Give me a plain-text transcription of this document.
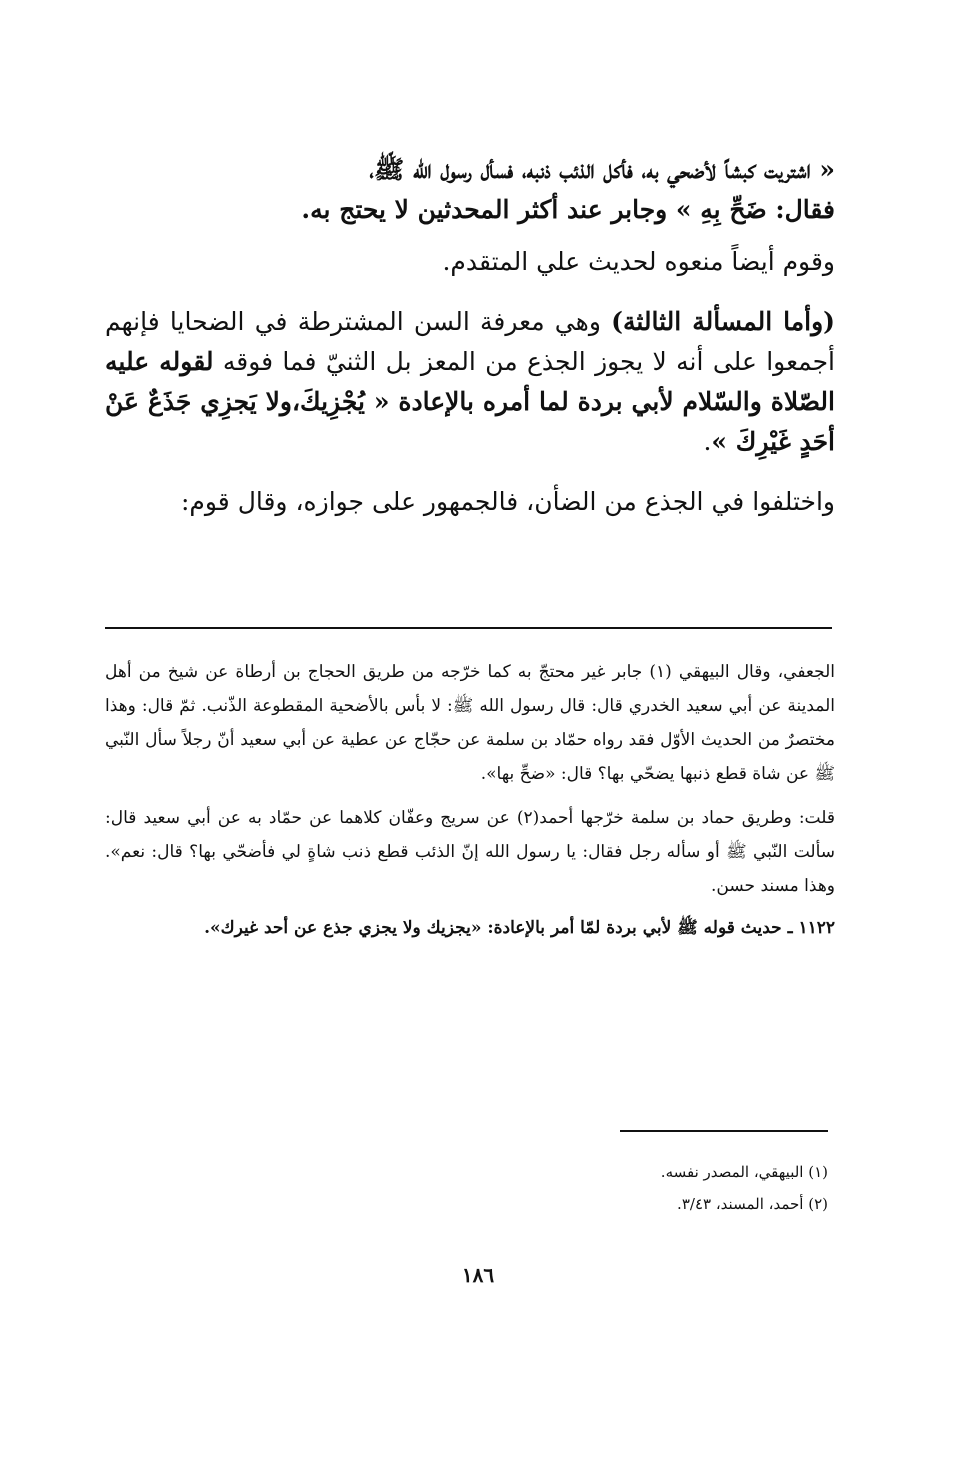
« اشتريت كبشاً لأضحي به، فأكل الذئب ذنبه، فسأل رسول الله ﷺ،

فقال: ضَحِّ بِهِ » وجابر عند أكثر المحدثين لا يحتج به.

وقوم أيضاً منعوه لحديث علي المتقدم.

(وأما المسألة الثالثة) وهي معرفة السن المشترطة في الضحايا فإنهم أجمعوا على أنه لا يجوز الجذع من المعز بل الثنيّ فما فوقه لقوله عليه الصّلاة والسّلام لأبي بردة لما أمره بالإعادة « يُجْزِيكَ،ولا يَجزِي جَذَعٌ عَنْ أحَدٍ غَيْرِكَ ».

واختلفوا في الجذع من الضأن، فالجمهور على جوازه، وقال قوم:

الجعفي، وقال البيهقي (١) جابر غير محتجّ به كما خرّجه من طريق الحجاج بن أرطاة عن شيخ من أهل المدينة عن أبي سعيد الخدري قال: قال رسول الله ﷺ: لا بأس بالأضحية المقطوعة الذّنب. ثمّ قال: وهذا مختصرٌ من الحديث الأوّل فقد رواه حمّاد بن سلمة عن حجّاج عن عطية عن أبي سعيد أنّ رجلاً سأل النّبي ﷺ عن شاة قطع ذنبها يضحّي بها؟ قال: «ضحِّ بها».

قلت: وطريق حماد بن سلمة خرّجها أحمد(٢) عن سريج وعفّان كلاهما عن حمّاد به عن أبي سعيد قال: سألت النّبي ﷺ أو سأله رجل فقال: يا رسول الله إنّ الذئب قطع ذنب شاةٍ لي فأضحّي بها؟ قال: نعم». وهذا مسند حسن.

١١٢٢ ـ حديث قوله ﷺ لأبي بردة لمّا أمر بالإعادة: «يجزيك ولا يجزي جذع عن أحد غيرك».

(١) البيهقي، المصدر نفسه.

(٢) أحمد، المسند، ٣/٤٣.

١٨٦
